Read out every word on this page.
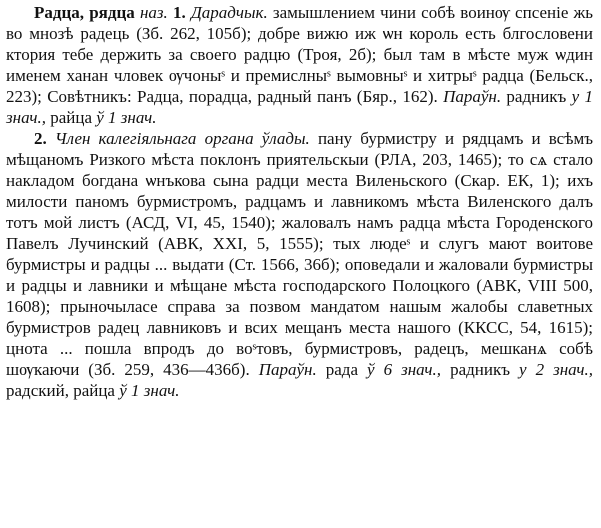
Радца, рядца наз. 1. Дарадчык. замышлением чини собѣ воинѹ спсеніе жь во мнозѣ радець (Зб. 262, 105б); добре вижю иж ѡн король есть блгословени ктория тебе держить за своего радцю (Троя, 2б); был там в мѣсте муж ѡдин именем ханан чловек ѹчоныˢ и премислныˢ вымовныˢ и хитрыˢ радца (Бельск., 223); Совѣтникъ: Радца, порадца, радный панъ (Бяр., 162). Параўн. радникъ у 1 знач., райца ў 1 знач.

2. Член калегіяльнага органа ўлады. пану бурмистру и рядцамъ и всѣмъ мѣщаномъ Ризкого мѣста поклонъ приятельскыи (РЛА, 203, 1465); то сѧ стало накладом богдана ѡнъкова сына радци места Виленьского (Скар. ЕК, 1); ихъ милости паномъ бурмистромъ, радцамъ и лавникомъ мѣста Виленского далъ тотъ мой листъ (АСД, VI, 45, 1540); жаловалъ намъ радца мѣста Городенского Павелъ Лучинский (АВК, XXI, 5, 1555); тых людеˢ и слугъ мают воитове бурмистры и радцы ... выдати (Ст. 1566, 36б); оповедали и жаловали бурмистры и радцы и лавники и мѣщане мѣста господарского Полоцкого (АВК, VIII 500, 1608); прыночыласе справа за позвом мандатом нашым жалобы славетных бурмистров радец лавниковъ и всих мещанъ места нашого (ККСС, 54, 1615); цнота ... пошла впродъ до воˢтовъ, бурмистровъ, радецъ, мешканѧ собѣ шѹкаючи (Зб. 259, 436—436б). Параўн. рада ў 6 знач., радникъ у 2 знач., радский, райца ў 1 знач.
